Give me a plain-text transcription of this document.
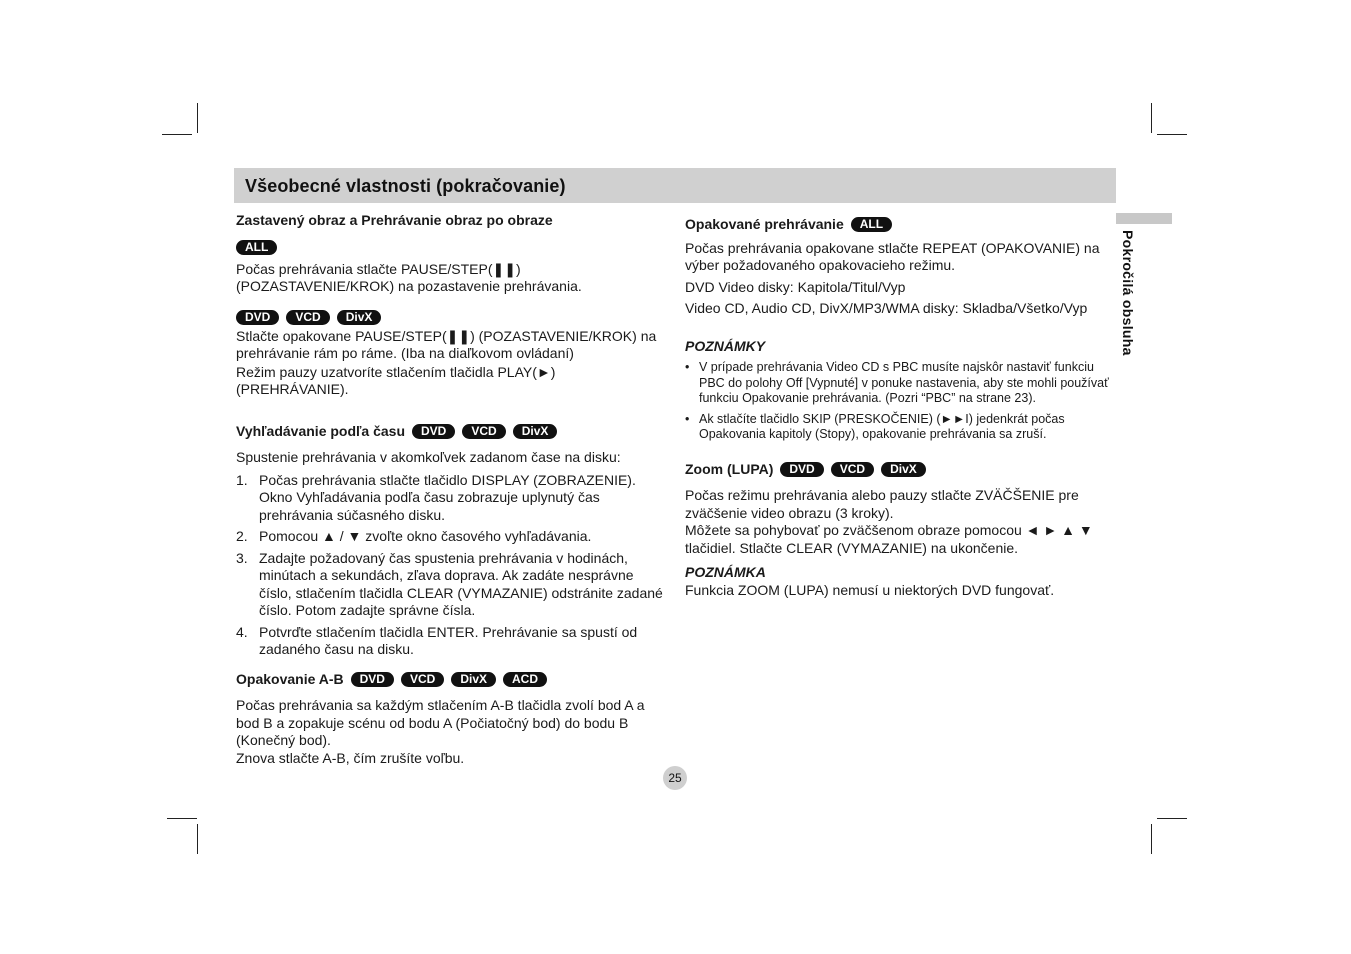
Všeobecné vlastnosti (pokračovanie)
Pokročilá obsluha
Zastavený obraz a Prehrávanie obraz po obraze
ALL

Počas prehrávania stlačte PAUSE/STEP(❚❚) (POZASTAVENIE/KROK) na pozastavenie prehrávania.

DVD	VCD	DivX

Stlačte opakovane PAUSE/STEP(❚❚) (POZASTAVENIE/KROK) na prehrávanie rám po ráme. (Iba na diaľkovom ovládaní)

Režim pauzy uzatvoríte stlačením tlačidla PLAY(►) (PREHRÁVANIE).

Vyhľadávanie podľa času	DVD	VCD	DivX

Spustenie prehrávania v akomkoľvek zadanom čase na disku:

1. Počas prehrávania stlačte tlačidlo DISPLAY (ZOBRAZENIE). Okno Vyhľadávania podľa času zobrazuje uplynutý čas prehrávania súčasného disku.
2. Pomocou ▲ / ▼ zvoľte okno časového vyhľadávania.
3. Zadajte požadovaný čas spustenia prehrávania v hodinách, minútach a sekundách, zľava doprava. Ak zadáte nesprávne číslo, stlačením tlačidla CLEAR (VYMAZANIE) odstránite zadané číslo. Potom zadajte správne čísla.
4. Potvrďte stlačením tlačidla ENTER. Prehrávanie sa spustí od zadaného času na disku.
Opakovanie A-B	DVD	VCD	DivX	ACD

Počas prehrávania sa každým stlačením A-B tlačidla zvolí bod A a bod B a zopakuje scénu od bodu A (Počiatočný bod) do bodu B (Konečný bod).

Znova stlačte A-B, čím zrušíte voľbu.

Opakované prehrávanie	ALL

Počas prehrávania opakovane stlačte REPEAT (OPAKOVANIE) na výber požadovaného opakovacieho režimu.

DVD Video disky: Kapitola/Titul/Vyp

Video CD, Audio CD, DivX/MP3/WMA disky: Skladba/Všetko/Vyp

POZNÁMKY

• V prípade prehrávania Video CD s PBC musíte najskôr nastaviť funkciu PBC do polohy Off [Vypnuté] v ponuke nastavenia, aby ste mohli používať funkciu Opakovanie prehrávania. (Pozri “PBC” na strane 23).
• Ak stlačíte tlačidlo SKIP (PRESKOČENIE) (►►I) jedenkrát počas Opakovania kapitoly (Stopy), opakovanie prehrávania sa zruší.
Zoom (LUPA)	DVD	VCD	DivX

Počas režimu prehrávania alebo pauzy stlačte ZVÄČŠENIE pre zväčšenie video obrazu (3 kroky).

Môžete sa pohybovať po zväčšenom obraze pomocou ◄ ► ▲ ▼ tlačidiel. Stlačte CLEAR (VYMAZANIE) na ukončenie.

POZNÁMKA

Funkcia ZOOM (LUPA) nemusí u niektorých DVD fungovať.

25
